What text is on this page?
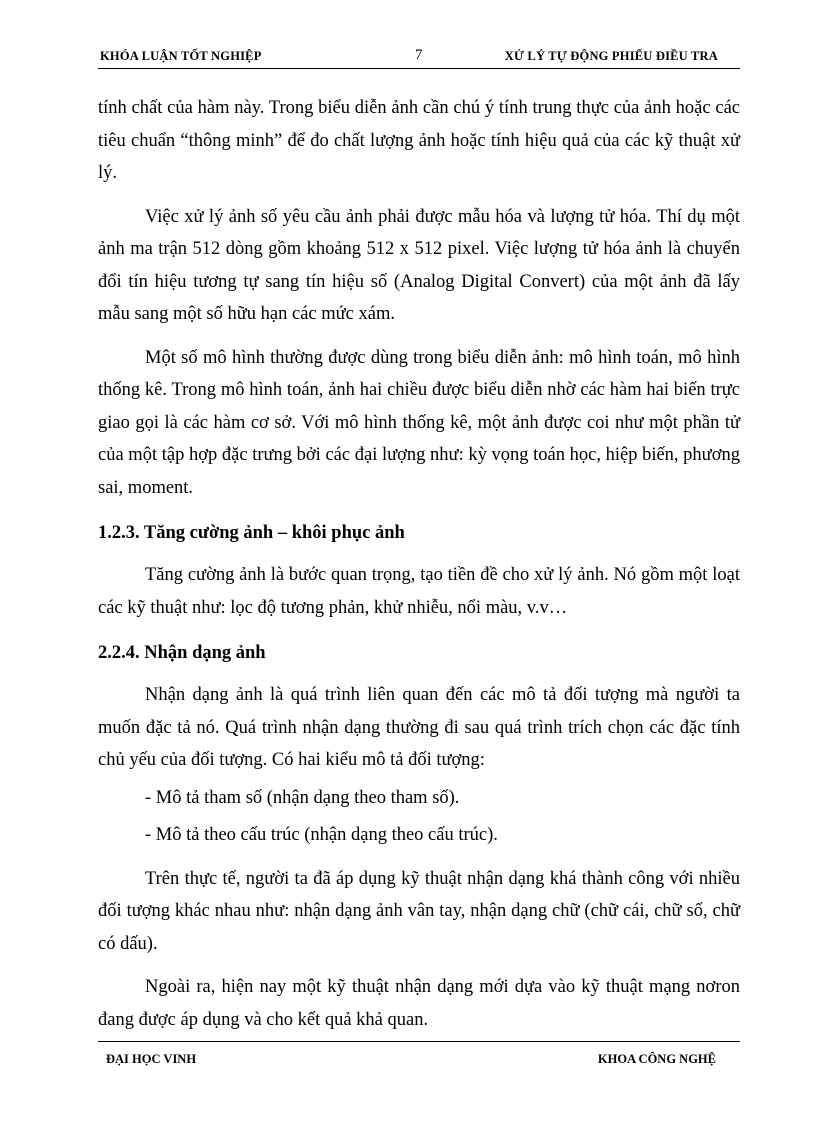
KHÓA LUẬN TỐT NGHIỆP	7	XỬ LÝ TỰ ĐỘNG PHIẾU ĐIỀU TRA

tính chất của hàm này. Trong biểu diễn ảnh cần chú ý tính trung thực của ảnh hoặc các tiêu chuẩn “thông minh” để đo chất lượng ảnh hoặc tính hiệu quả của các kỹ thuật xử lý.

Việc xử lý ảnh số yêu cầu ảnh phải được mẫu hóa và lượng tử hóa. Thí dụ một ảnh ma trận 512 dòng gồm khoảng 512 x 512 pixel. Việc lượng tử hóa ảnh là chuyển đổi tín hiệu tương tự sang tín hiệu số (Analog Digital Convert) của một ảnh đã lấy mẫu sang một số hữu hạn các mức xám.

Một số mô hình thường được dùng trong biểu diễn ảnh: mô hình toán, mô hình thống kê. Trong mô hình toán, ảnh hai chiều được biểu diễn nhờ các hàm hai biến trực giao gọi là các hàm cơ sở. Với mô hình thống kê, một ảnh được coi như một phần tử của một tập hợp đặc trưng bởi các đại lượng như: kỳ vọng toán học, hiệp biến, phương sai, moment.

1.2.3. Tăng cường ảnh – khôi phục ảnh

Tăng cường ảnh là bước quan trọng, tạo tiền đề cho xử lý ảnh. Nó gồm một loạt các kỹ thuật như: lọc độ tương phản, khử nhiễu, nổi màu, v.v…

2.2.4. Nhận dạng ảnh

Nhận dạng ảnh là quá trình liên quan đến các mô tả đối tượng mà người ta muốn đặc tả nó. Quá trình nhận dạng thường đi sau quá trình trích chọn các đặc tính chủ yếu của đối tượng. Có hai kiểu mô tả đối tượng:

- Mô tả tham số (nhận dạng theo tham số).

- Mô tả theo cấu trúc (nhận dạng theo cấu trúc).

Trên thực tế, người ta đã áp dụng kỹ thuật nhận dạng khá thành công với nhiều đối tượng khác nhau như: nhận dạng ảnh vân tay, nhận dạng chữ (chữ cái, chữ số, chữ có dấu).

Ngoài ra, hiện nay một kỹ thuật nhận dạng mới dựa vào kỹ thuật mạng nơron đang được áp dụng và cho kết quả khả quan.

ĐẠI HỌC VINH	KHOA CÔNG NGHỆ
